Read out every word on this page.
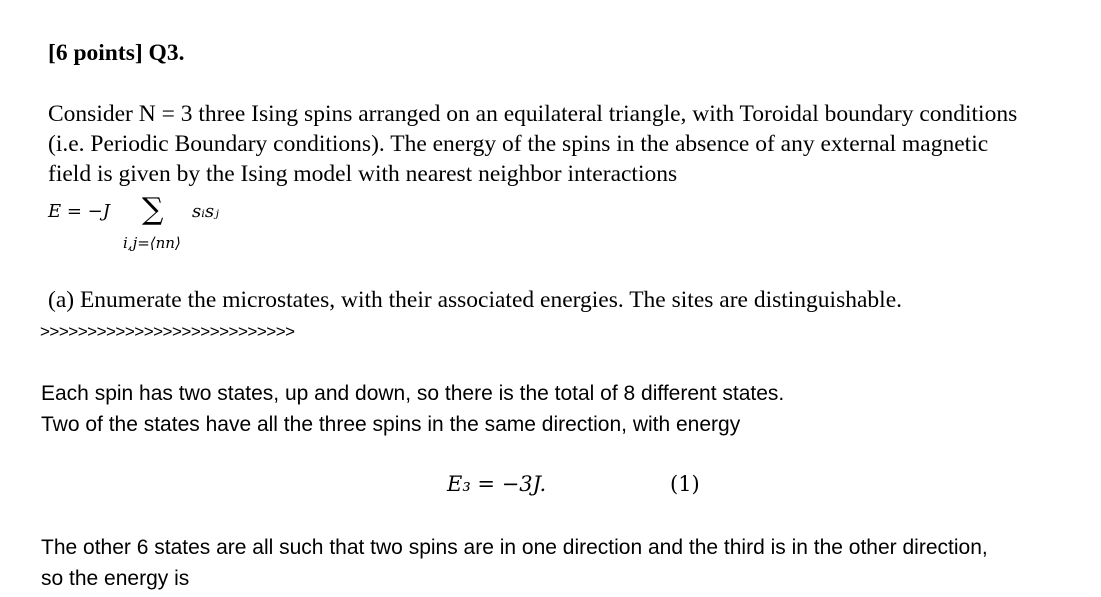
[6 points] Q3.
Consider N = 3 three Ising spins arranged on an equilateral triangle, with Toroidal boundary conditions
(i.e. Periodic Boundary conditions). The energy of the spins in the absence of any external magnetic
field is given by the Ising model with nearest neighbor interactions
E = −J ∑
i,j=⟨nn⟩
sᵢsⱼ
(a) Enumerate the microstates, with their associated energies. The sites are distinguishable.
>>>>>>>>>>>>>>>>>>>>>>>>>>>
Each spin has two states, up and down, so there is the total of 8 different states.
Two of the states have all the three spins in the same direction, with energy
E₃ = −3J.	(1)
The other 6 states are all such that two spins are in one direction and the third is in the other direction,
so the energy is
